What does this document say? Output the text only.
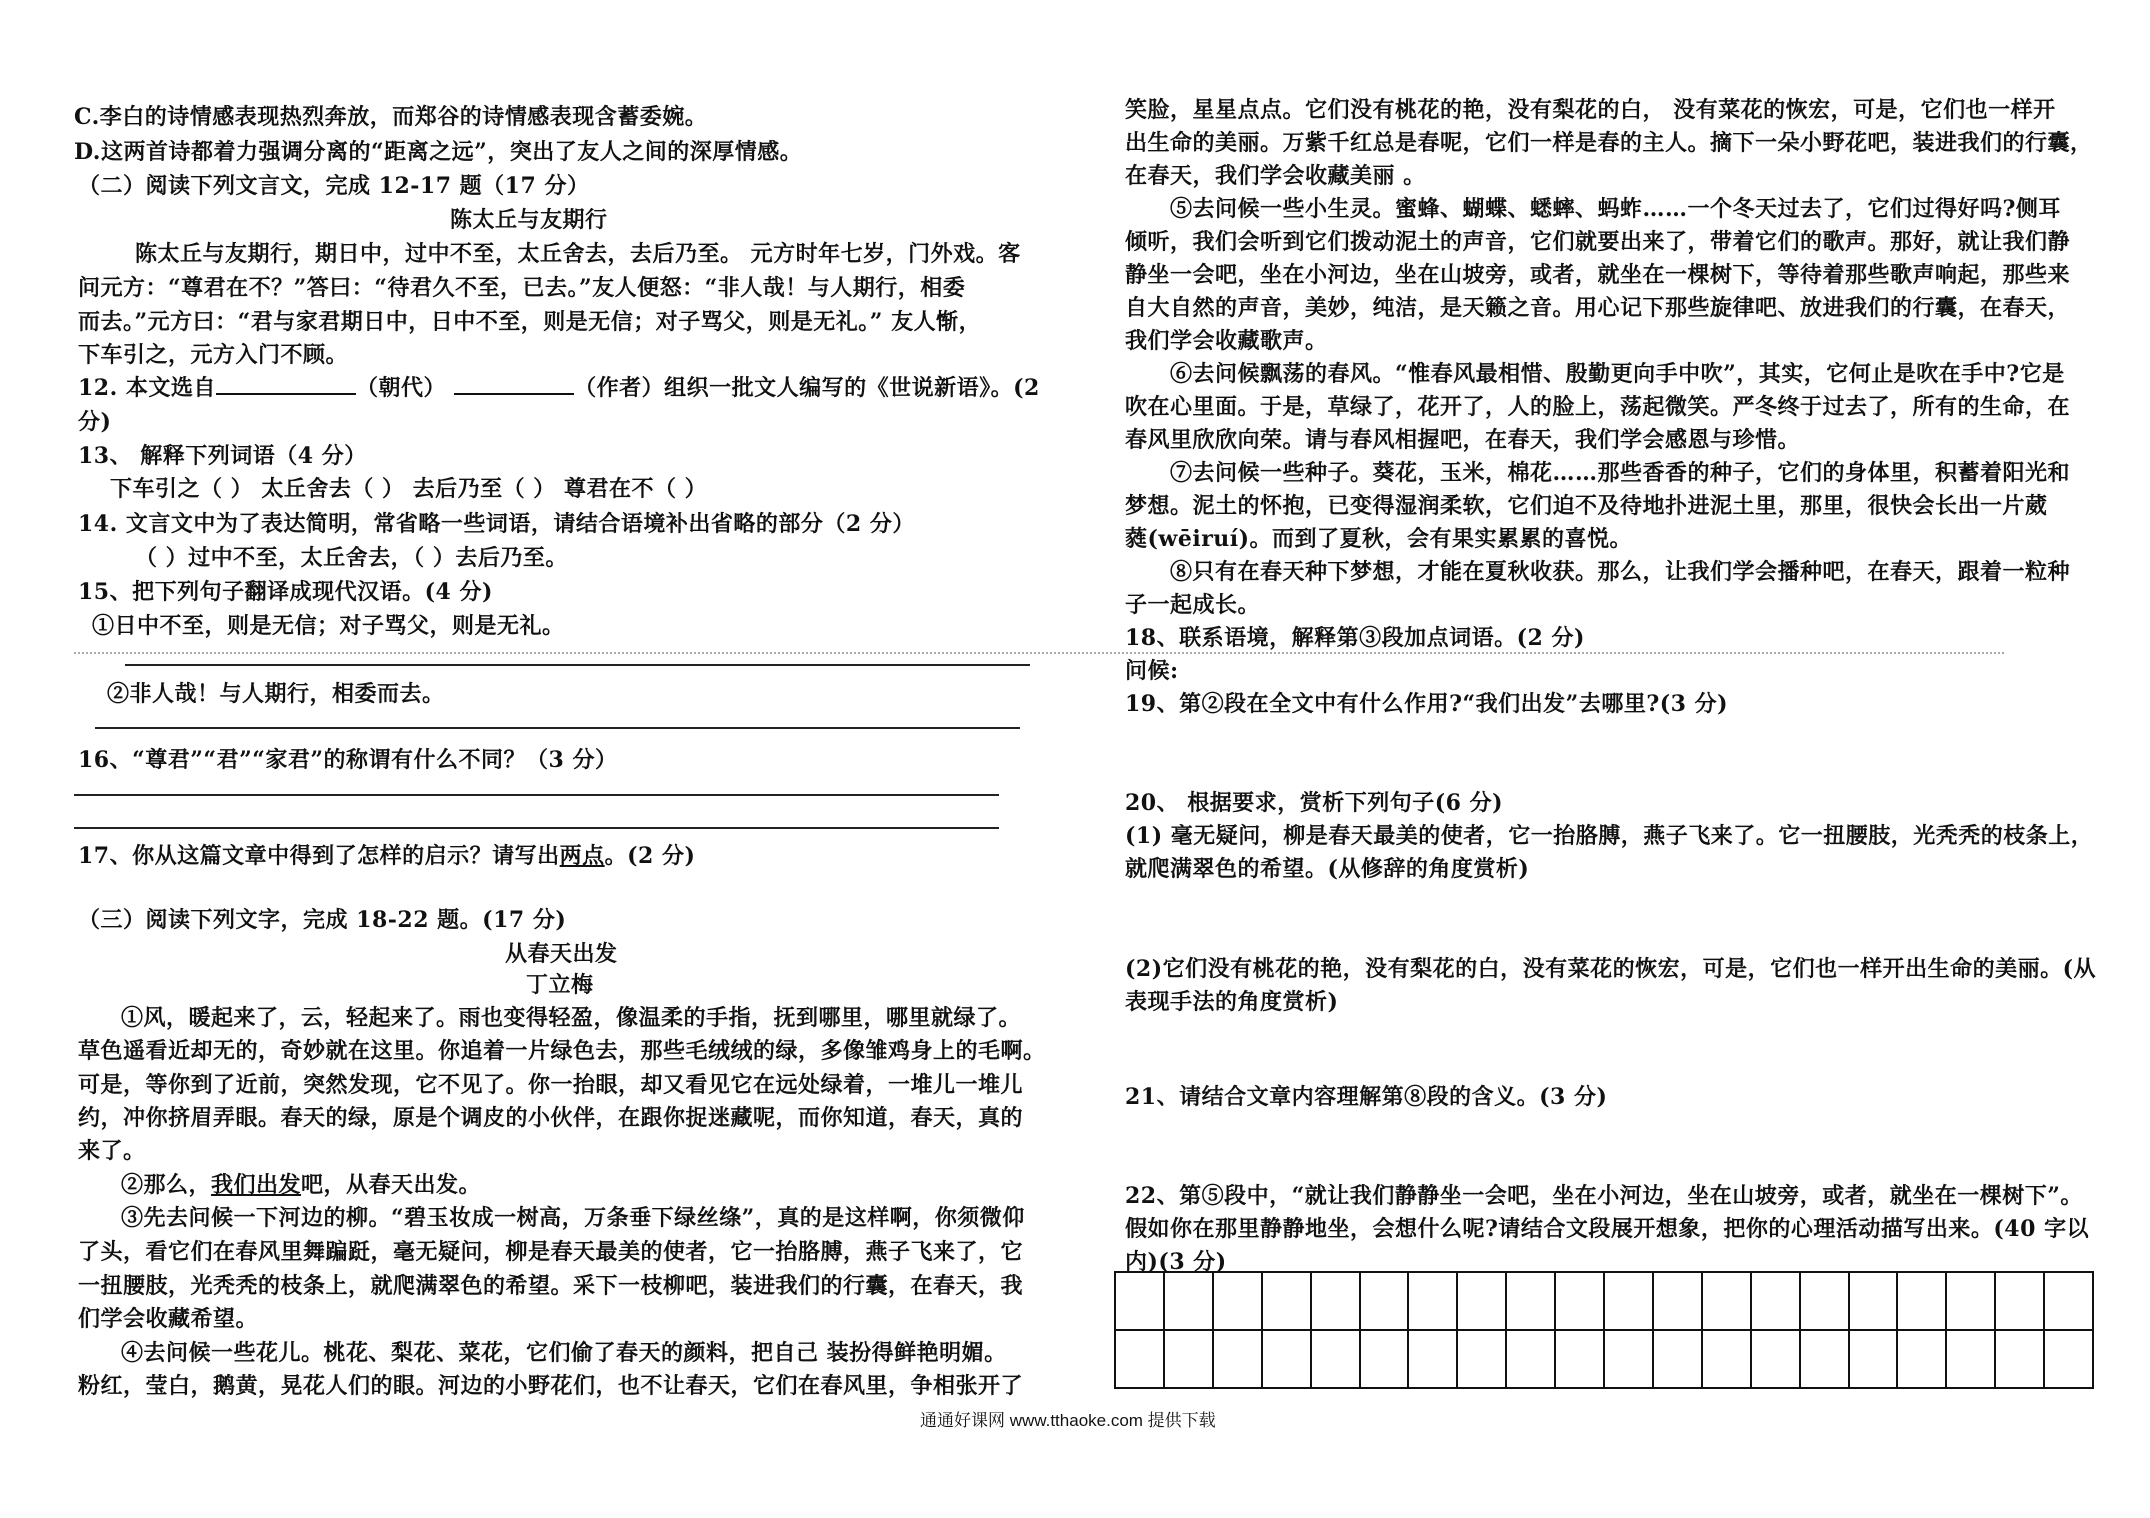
C.李白的诗情感表现热烈奔放，而郑谷的诗情感表现含蓄委婉。

D.这两首诗都着力强调分离的“距离之远”，突出了友人之间的深厚情感。

（二）阅读下列文言文，完成 12-17 题（17 分）

陈太丘与友期行

陈太丘与友期行，期日中，过中不至，太丘舍去，去后乃至。 元方时年七岁，门外戏。客

问元方：“尊君在不？”答曰：“待君久不至，已去。”友人便怒：“非人哉！与人期行，相委

而去。”元方曰：“君与家君期日中，日中不至，则是无信；对子骂父，则是无礼。” 友人惭，

下车引之，元方入门不顾。

12. 本文选自	（朝代）	（作者）组织一批文人编写的《世说新语》。(2

分)

13、 解释下列词语（4 分）

下车引之（ ） 太丘舍去（ ） 去后乃至（ ） 尊君在不（ ）

14. 文言文中为了表达简明，常省略一些词语，请结合语境补出省略的部分（2 分）

（ ）过中不至，太丘舍去，（ ）去后乃至。

15、把下列句子翻译成现代汉语。(4 分)

①日中不至，则是无信；对子骂父，则是无礼。

②非人哉！与人期行，相委而去。

16、“尊君”“君”“家君”的称谓有什么不同？（3 分）

17、你从这篇文章中得到了怎样的启示？请写出两点。(2 分)

（三）阅读下列文字，完成 18-22 题。(17 分)

从春天出发

丁立梅

①风，暖起来了，云，轻起来了。雨也变得轻盈，像温柔的手指，抚到哪里，哪里就绿了。

草色遥看近却无的，奇妙就在这里。你追着一片绿色去，那些毛绒绒的绿，多像雏鸡身上的毛啊。

可是，等你到了近前，突然发现，它不见了。你一抬眼，却又看见它在远处绿着，一堆儿一堆儿

约，冲你挤眉弄眼。春天的绿，原是个调皮的小伙伴，在跟你捉迷藏呢，而你知道，春天，真的

来了。

②那么，我们出发吧，从春天出发。

③先去问候一下河边的柳。“碧玉妆成一树高，万条垂下绿丝绦”，真的是这样啊，你须微仰

了头，看它们在春风里舞蹁跹，毫无疑问，柳是春天最美的使者，它一抬胳膊，燕子飞来了，它

一扭腰肢，光秃秃的枝条上，就爬满翠色的希望。采下一枝柳吧，装进我们的行囊，在春天，我

们学会收藏希望。

④去问候一些花儿。桃花、梨花、菜花，它们偷了春天的颜料，把自己 装扮得鲜艳明媚。

粉红，莹白，鹅黄，晃花人们的眼。河边的小野花们，也不让春天，它们在春风里，争相张开了

笑脸，星星点点。它们没有桃花的艳，没有梨花的白， 没有菜花的恢宏，可是，它们也一样开

出生命的美丽。万紫千红总是春呢，它们一样是春的主人。摘下一朵小野花吧，装进我们的行囊，

在春天，我们学会收藏美丽 。

⑤去问候一些小生灵。蜜蜂、蝴蝶、蟋蟀、蚂蚱……一个冬天过去了，它们过得好吗?侧耳

倾听，我们会听到它们拨动泥土的声音，它们就要出来了，带着它们的歌声。那好，就让我们静

静坐一会吧，坐在小河边，坐在山坡旁，或者，就坐在一棵树下，等待着那些歌声响起，那些来

自大自然的声音，美妙，纯洁，是天籁之音。用心记下那些旋律吧、放进我们的行囊，在春天，

我们学会收藏歌声。

⑥去问候飘荡的春风。“惟春风最相惜、殷勤更向手中吹”，其实，它何止是吹在手中?它是

吹在心里面。于是，草绿了，花开了，人的脸上，荡起微笑。严冬终于过去了，所有的生命，在

春风里欣欣向荣。请与春风相握吧，在春天，我们学会感恩与珍惜。

⑦去问候一些种子。葵花，玉米，棉花……那些香香的种子，它们的身体里，积蓄着阳光和

梦想。泥土的怀抱，已变得湿润柔软，它们迫不及待地扑进泥土里，那里，很快会长出一片葳

蕤(wēiruí)。而到了夏秋，会有果实累累的喜悦。

⑧只有在春天种下梦想，才能在夏秋收获。那么，让我们学会播种吧，在春天，跟着一粒种

子一起成长。

18、联系语境，解释第③段加点词语。(2 分)

问候:

19、第②段在全文中有什么作用?“我们出发”去哪里?(3 分)

20、 根据要求，赏析下列句子(6 分)

(1) 毫无疑问，柳是春天最美的使者，它一抬胳膊，燕子飞来了。它一扭腰肢，光秃秃的枝条上，

就爬满翠色的希望。(从修辞的角度赏析)

(2)它们没有桃花的艳，没有梨花的白，没有菜花的恢宏，可是，它们也一样开出生命的美丽。(从

表现手法的角度赏析)

21、请结合文章内容理解第⑧段的含义。(3 分)

22、第⑤段中，“就让我们静静坐一会吧，坐在小河边，坐在山坡旁，或者，就坐在一棵树下”。

假如你在那里静静地坐，会想什么呢?请结合文段展开想象，把你的心理活动描写出来。(40 字以

内)(3 分)

通通好课网 www.tthaoke.com 提供下载
